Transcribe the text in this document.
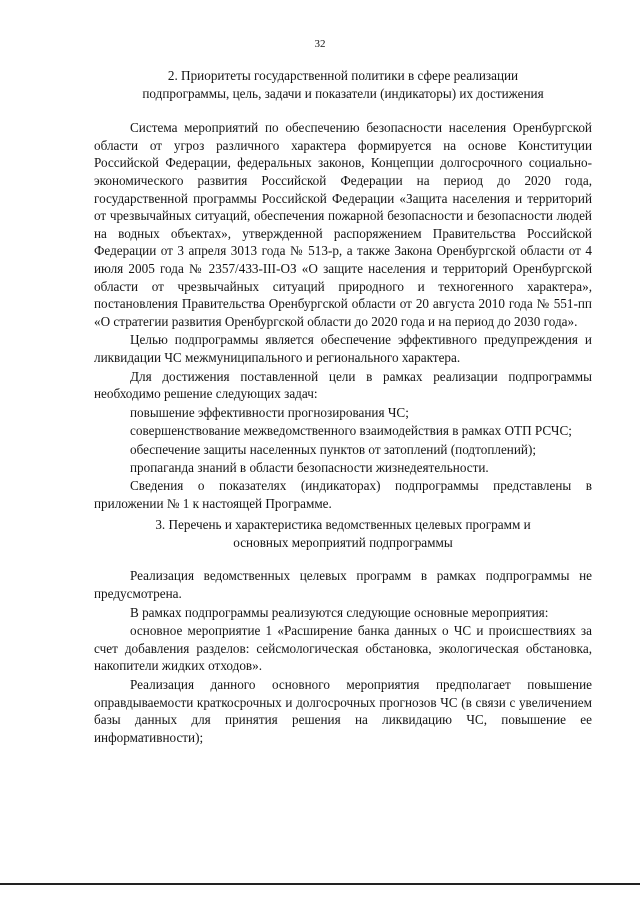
32
2. Приоритеты государственной политики в сфере реализации
подпрограммы, цель, задачи и показатели (индикаторы) их достижения

Система мероприятий по обеспечению безопасности населения Оренбургской области от угроз различного характера формируется на основе Конституции Российской Федерации, федеральных законов, Концепции долгосрочного социально-экономического развития Российской Федерации на период до 2020 года, государственной программы Российской Федерации «Защита населения и территорий от чрезвычайных ситуаций, обеспечения пожарной безопасности и безопасности людей на водных объектах», утвержденной распоряжением Правительства Российской Федерации от 3 апреля 3013 года № 513-р, а также Закона Оренбургской области от 4 июля 2005 года № 2357/433-III-ОЗ «О защите населения и территорий Оренбургской области от чрезвычайных ситуаций природного и техногенного характера», постановления Правительства Оренбургской области от 20 августа 2010 года № 551-пп «О стратегии развития Оренбургской области до 2020 года и на период до 2030 года».

Целью подпрограммы является обеспечение эффективного предупреждения и ликвидации ЧС межмуниципального и регионального характера.

Для достижения поставленной цели в рамках реализации подпрограммы необходимо решение следующих задач:

повышение эффективности прогнозирования ЧС;

совершенствование межведомственного взаимодействия в рамках ОТП РСЧС;

обеспечение защиты населенных пунктов от затоплений (подтоплений);

пропаганда знаний в области безопасности жизнедеятельности.

Сведения о показателях (индикаторах) подпрограммы представлены в приложении № 1 к настоящей Программе.

3. Перечень и характеристика ведомственных целевых программ и
основных мероприятий подпрограммы

Реализация ведомственных целевых программ в рамках подпрограммы не предусмотрена.

В рамках подпрограммы реализуются следующие основные мероприятия:

основное мероприятие 1 «Расширение банка данных о ЧС и происшествиях за счет добавления разделов: сейсмологическая обстановка, экологическая обстановка, накопители жидких отходов».

Реализация данного основного мероприятия предполагает повышение оправдываемости краткосрочных и долгосрочных прогнозов ЧС (в связи с увеличением базы данных для принятия решения на ликвидацию ЧС, повышение ее информативности);
